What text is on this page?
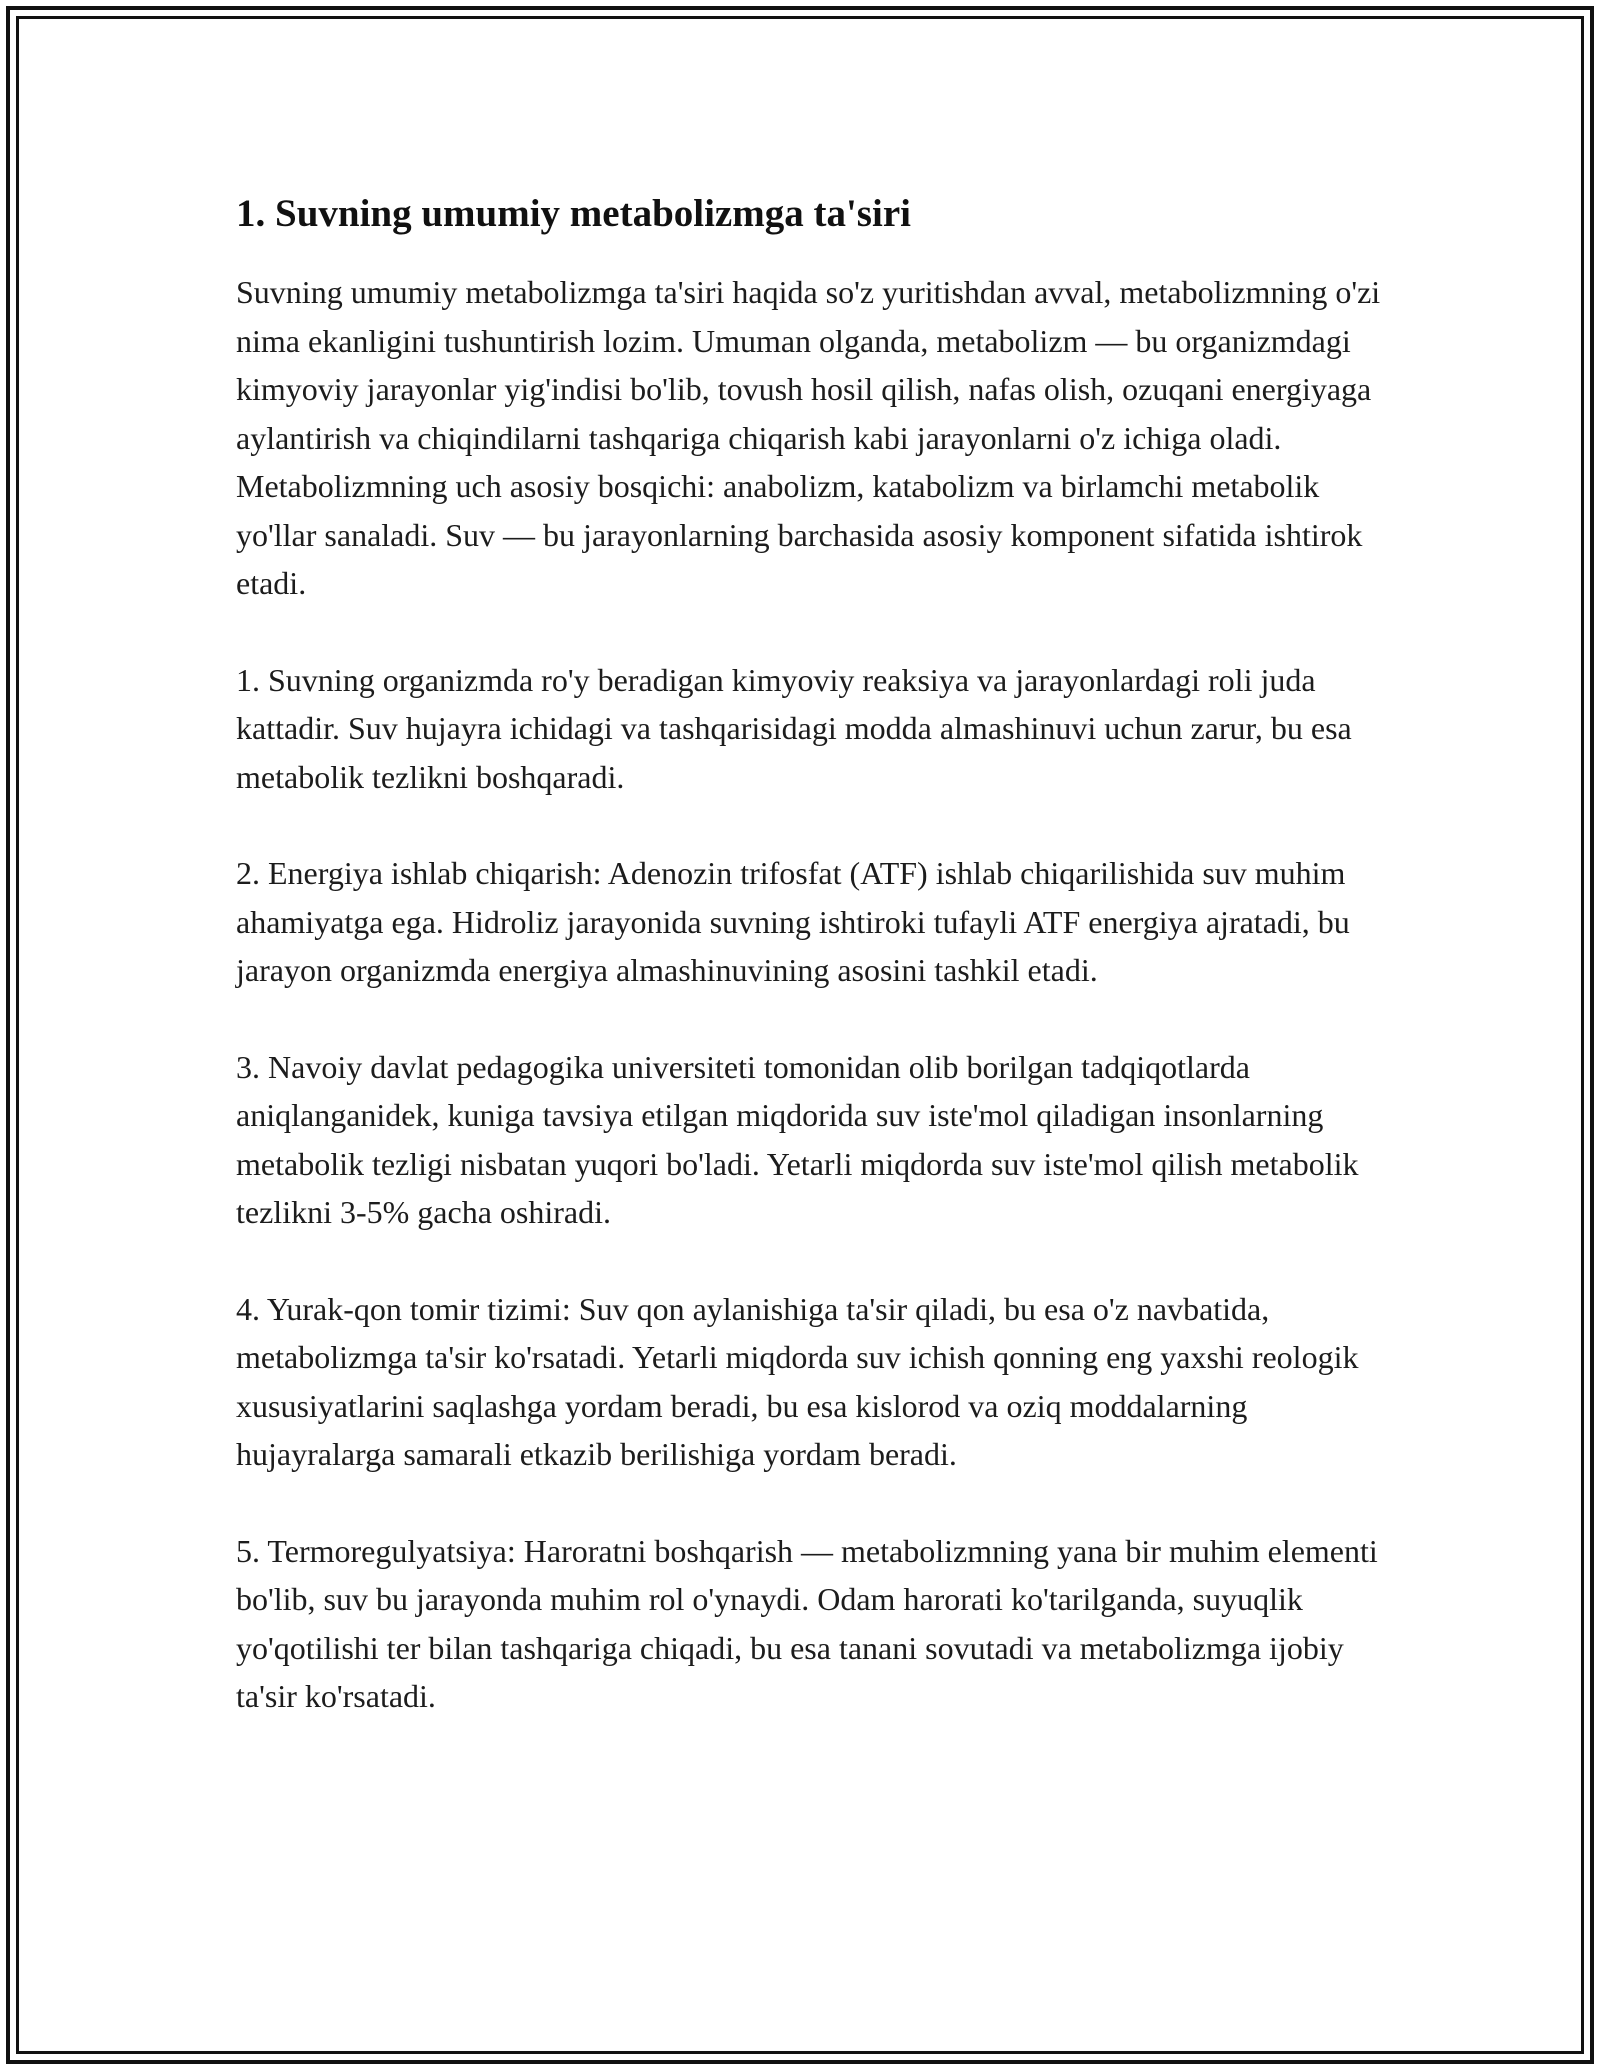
1. Suvning umumiy metabolizmga ta'siri

Suvning umumiy metabolizmga ta'siri haqida so'z yuritishdan avval, metabolizmning o'zi nima ekanligini tushuntirish lozim. Umuman olganda, metabolizm — bu organizmdagi kimyoviy jarayonlar yig'indisi bo'lib, tovush hosil qilish, nafas olish, ozuqani energiyaga aylantirish va chiqindilarni tashqariga chiqarish kabi jarayonlarni o'z ichiga oladi. Metabolizmning uch asosiy bosqichi: anabolizm, katabolizm va birlamchi metabolik yo'llar sanaladi. Suv — bu jarayonlarning barchasida asosiy komponent sifatida ishtirok etadi.

1. Suvning organizmda ro'y beradigan kimyoviy reaksiya va jarayonlardagi roli juda kattadir. Suv hujayra ichidagi va tashqarisidagi modda almashinuvi uchun zarur, bu esa metabolik tezlikni boshqaradi.

2. Energiya ishlab chiqarish: Adenozin trifosfat (ATF) ishlab chiqarilishida suv muhim ahamiyatga ega. Hidroliz jarayonida suvning ishtiroki tufayli ATF energiya ajratadi, bu jarayon organizmda energiya almashinuvining asosini tashkil etadi.

3. Navoiy davlat pedagogika universiteti tomonidan olib borilgan tadqiqotlarda aniqlanganidek, kuniga tavsiya etilgan miqdorida suv iste'mol qiladigan insonlarning metabolik tezligi nisbatan yuqori bo'ladi. Yetarli miqdorda suv iste'mol qilish metabolik tezlikni 3-5% gacha oshiradi.

4. Yurak-qon tomir tizimi: Suv qon aylanishiga ta'sir qiladi, bu esa o'z navbatida, metabolizmga ta'sir ko'rsatadi. Yetarli miqdorda suv ichish qonning eng yaxshi reologik xususiyatlarini saqlashga yordam beradi, bu esa kislorod va oziq moddalarning hujayralarga samarali etkazib berilishiga yordam beradi.

5. Termoregulyatsiya: Haroratni boshqarish — metabolizmning yana bir muhim elementi bo'lib, suv bu jarayonda muhim rol o'ynaydi. Odam harorati ko'tarilganda, suyuqlik yo'qotilishi ter bilan tashqariga chiqadi, bu esa tanani sovutadi va metabolizmga ijobiy ta'sir ko'rsatadi.
